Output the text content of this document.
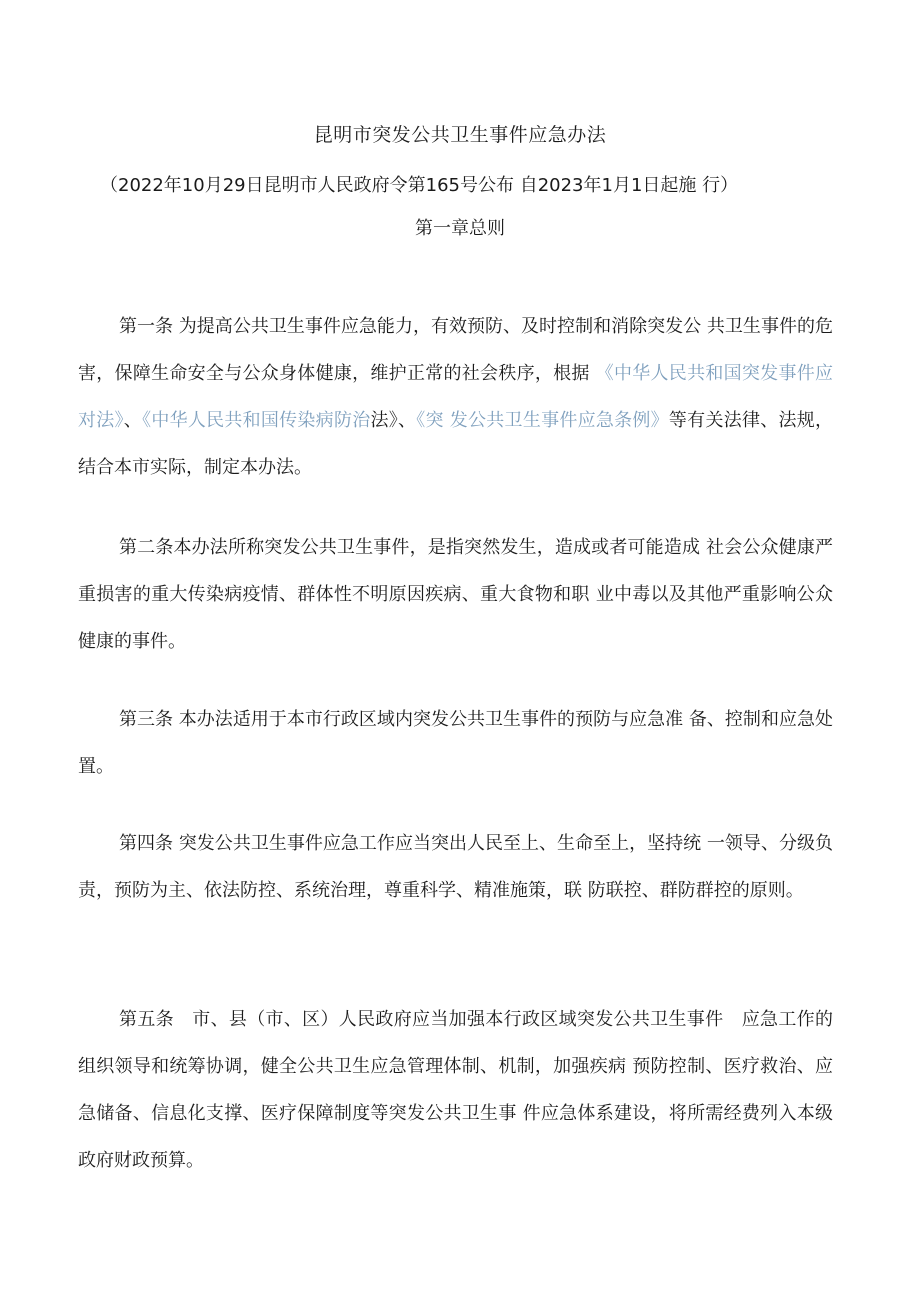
昆明市突发公共卫生事件应急办法
（2022年10月29日昆明市人民政府令第165号公布 自2023年1月1日起施 行）
第一章总则
第一条 为提高公共卫生事件应急能力，有效预防、及时控制和消除突发公 共卫生事件的危害，保障生命安全与公众身体健康，维护正常的社会秩序，根据 《中华人民共和国突发事件应对法》、《中华人民共和国传染病防治法》、《突 发公共卫生事件应急条例》等有关法律、法规，结合本市实际，制定本办法。
第二条本办法所称突发公共卫生事件，是指突然发生，造成或者可能造成 社会公众健康严重损害的重大传染病疫情、群体性不明原因疾病、重大食物和职 业中毒以及其他严重影响公众健康的事件。
第三条 本办法适用于本市行政区域内突发公共卫生事件的预防与应急准 备、控制和应急处置。
第四条 突发公共卫生事件应急工作应当突出人民至上、生命至上，坚持统 一领导、分级负责，预防为主、依法防控、系统治理，尊重科学、精准施策，联 防联控、群防群控的原则。
第五条　市、县（市、区）人民政府应当加强本行政区域突发公共卫生事件　应急工作的组织领导和统筹协调，健全公共卫生应急管理体制、机制，加强疾病 预防控制、医疗救治、应急储备、信息化支撑、医疗保障制度等突发公共卫生事 件应急体系建设，将所需经费列入本级政府财政预算。
